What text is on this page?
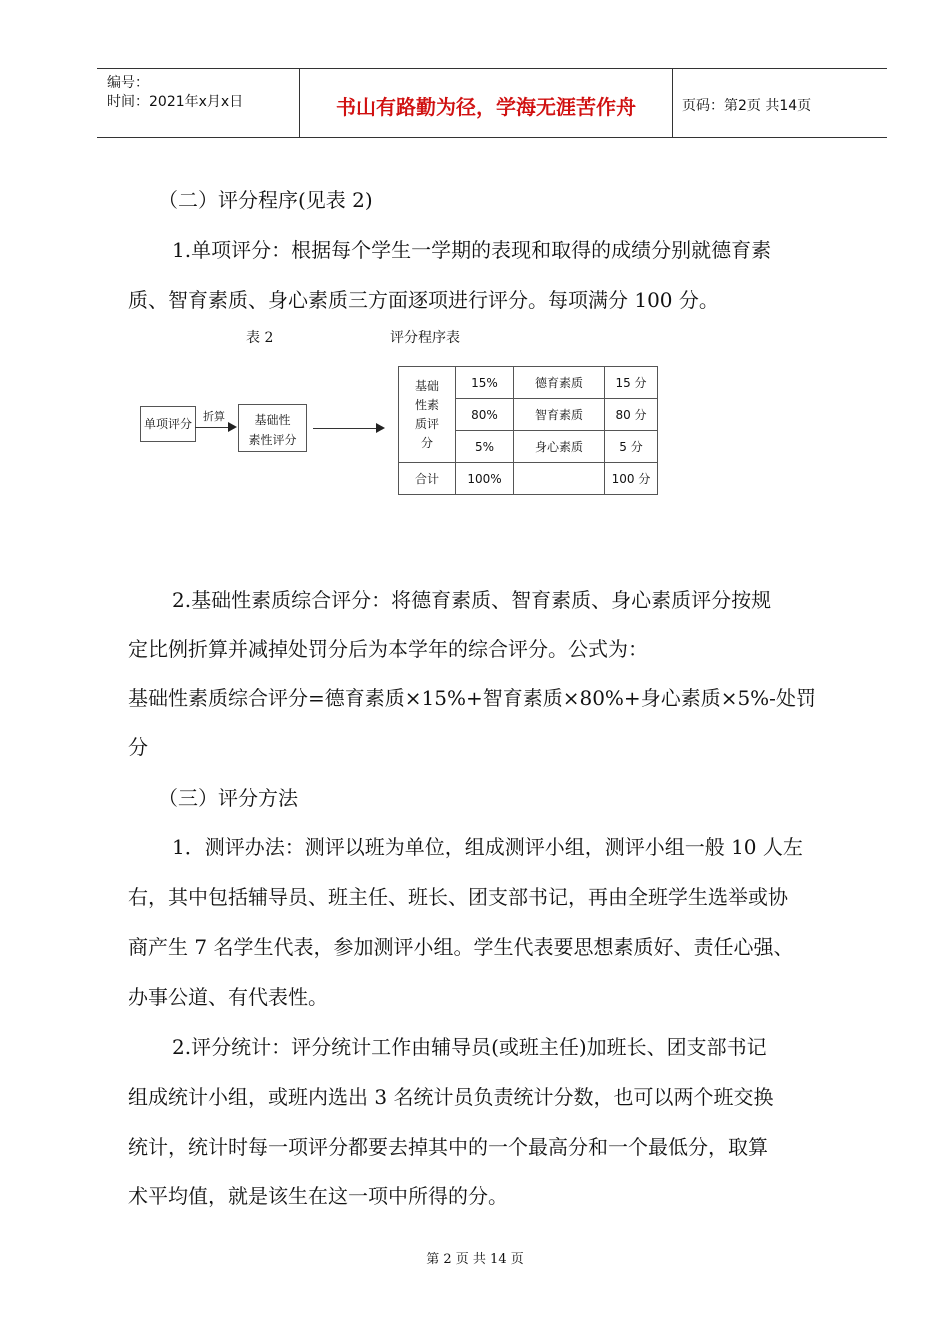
编号：
时间：2021年x月x日	书山有路勤为径，学海无涯苦作舟	页码：第2页 共14页
（二）评分程序(见表 2)
1.单项评分：根据每个学生一学期的表现和取得的成绩分别就德育素
质、智育素质、身心素质三方面逐项进行评分。每项满分 100 分。
表 2	评分程序表
单项评分
折算	基础性
素性评分
基础
性素
质评
分	15%	德育素质	15 分
	80%	智育素质	80 分
	5%	身心素质	5 分
合计	100%		100 分
2.基础性素质综合评分：将德育素质、智育素质、身心素质评分按规
定比例折算并减掉处罚分后为本学年的综合评分。公式为：
基础性素质综合评分=德育素质×15%+智育素质×80%+身心素质×5%-处罚
分
（三）评分方法
1．测评办法：测评以班为单位，组成测评小组，测评小组一般 10 人左
右，其中包括辅导员、班主任、班长、团支部书记，再由全班学生选举或协
商产生 7 名学生代表，参加测评小组。学生代表要思想素质好、责任心强、
办事公道、有代表性。
2.评分统计：评分统计工作由辅导员(或班主任)加班长、团支部书记
组成统计小组，或班内选出 3 名统计员负责统计分数，也可以两个班交换
统计，统计时每一项评分都要去掉其中的一个最高分和一个最低分，取算
术平均值，就是该生在这一项中所得的分。
第 2 页 共 14 页
